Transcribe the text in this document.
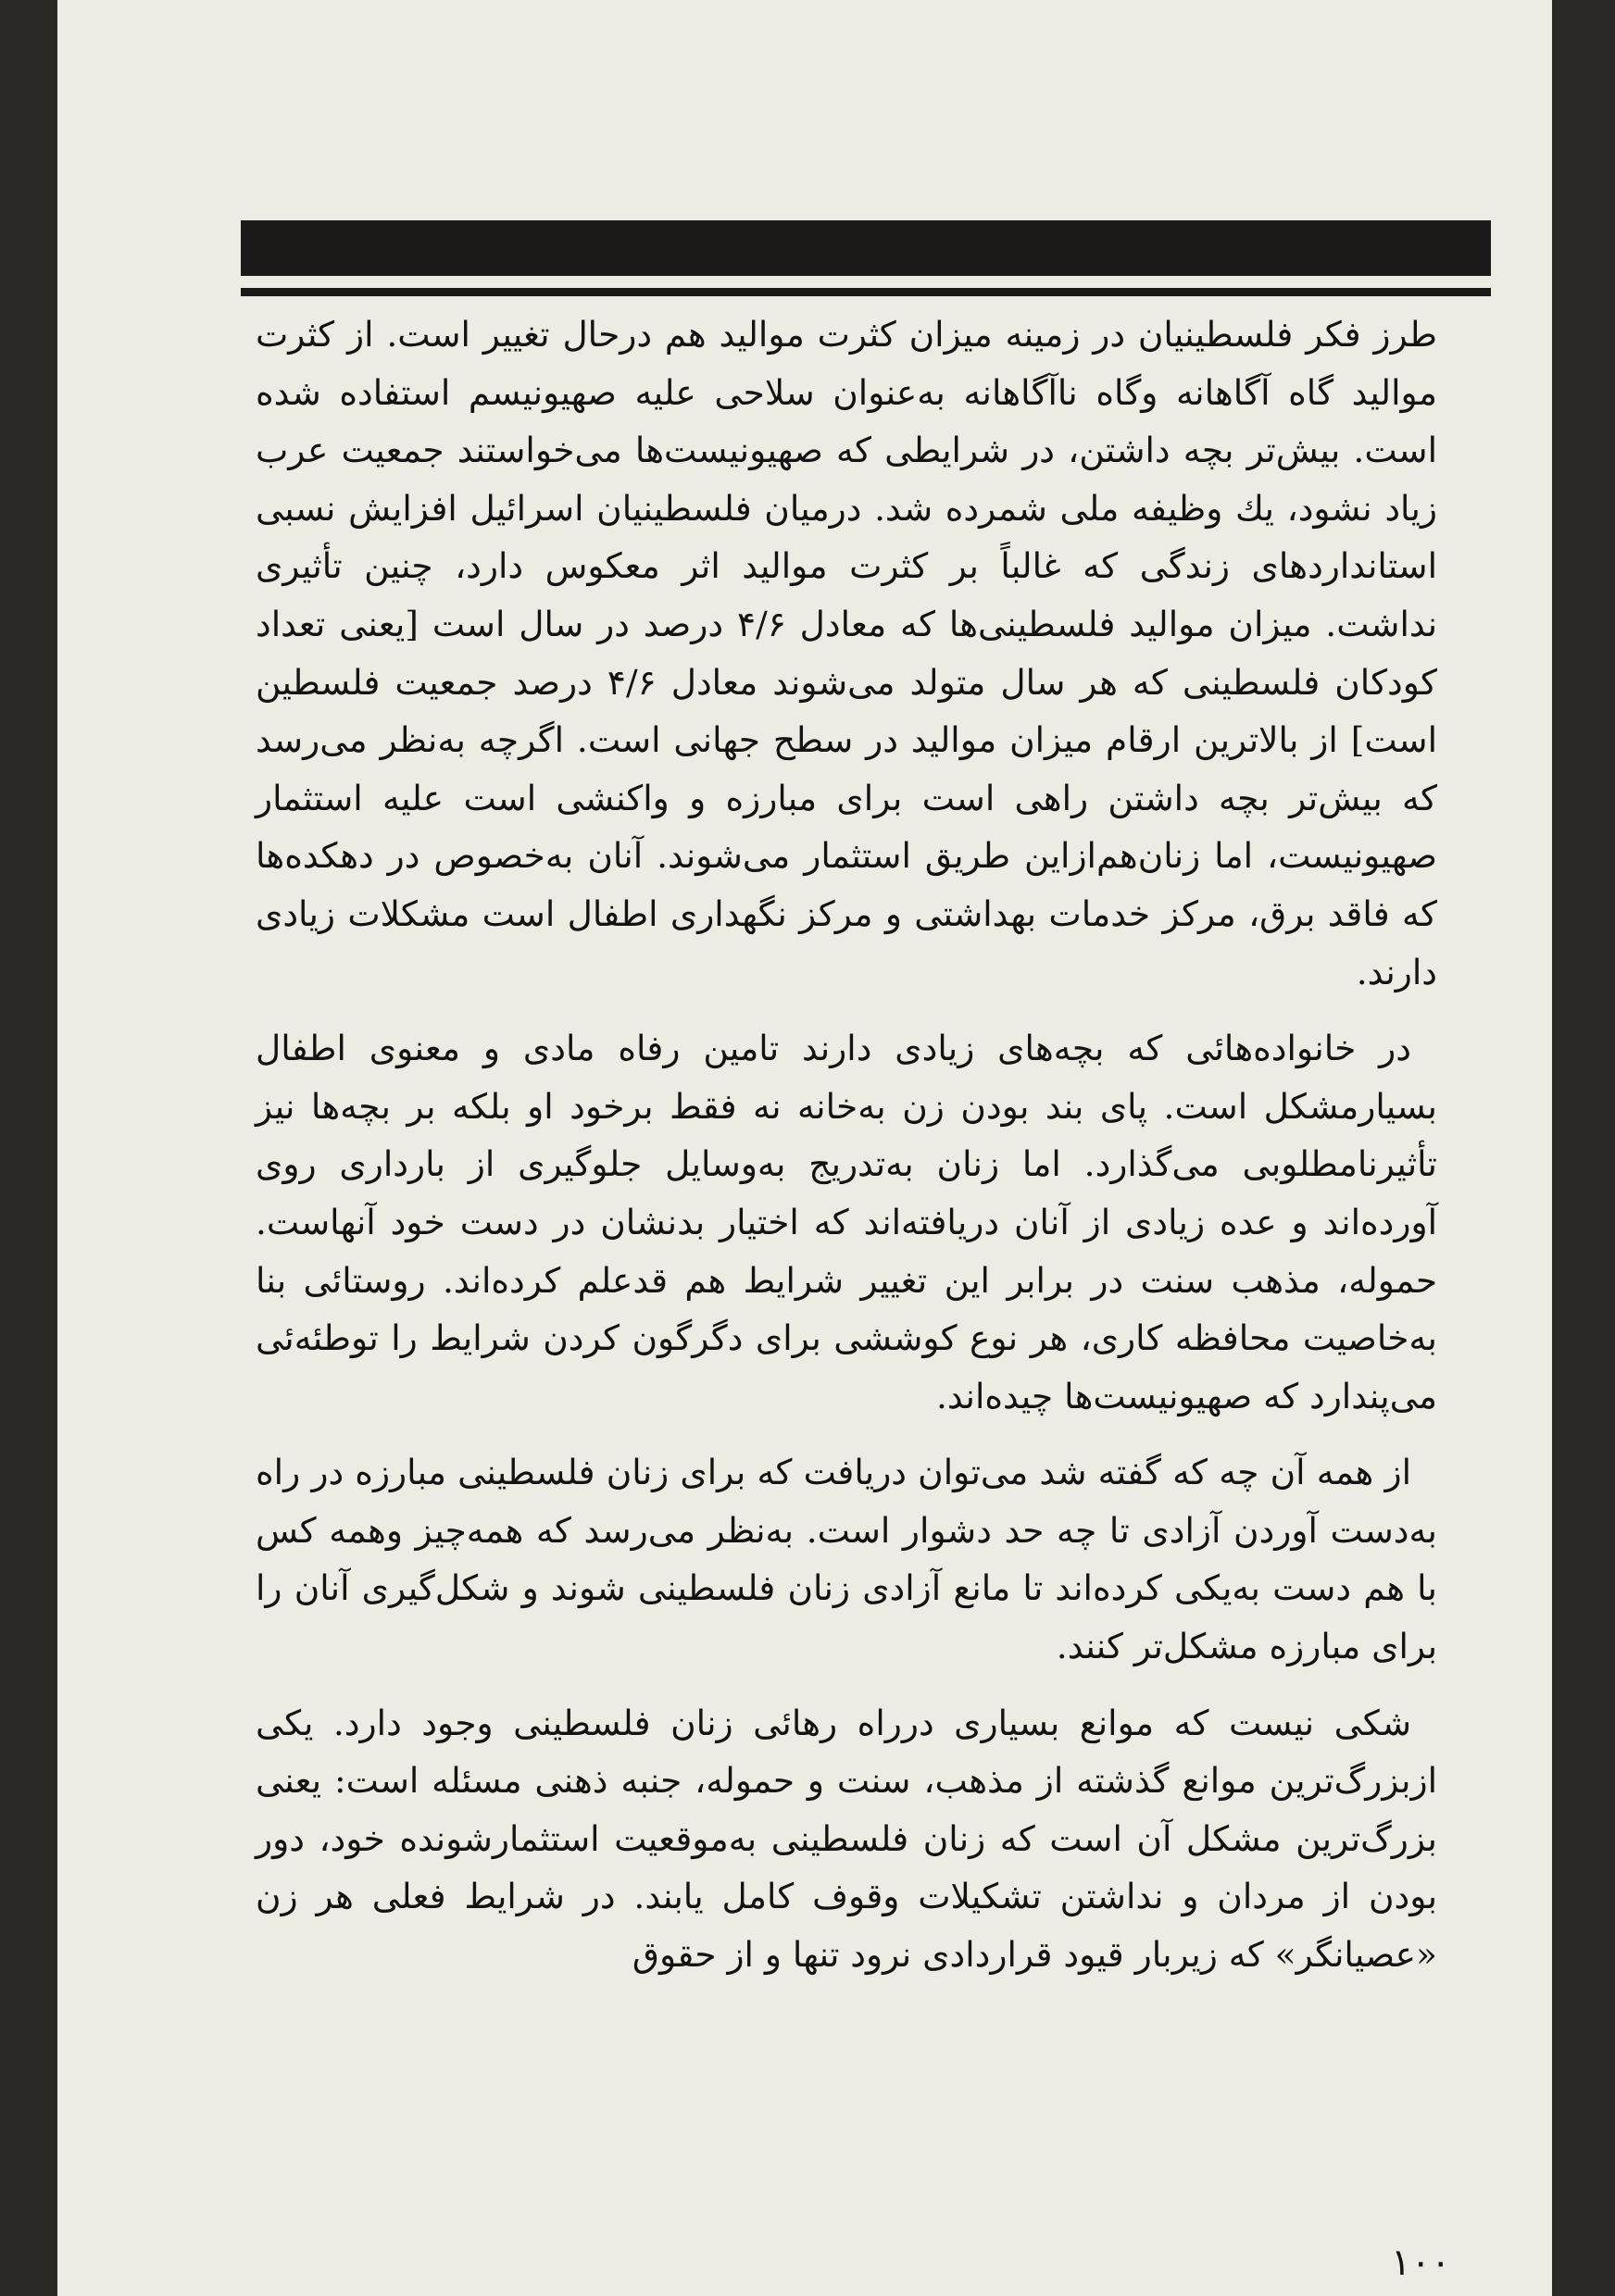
طرز فکر فلسطینیان در زمینه میزان کثرت موالید هم درحال تغییر است. از کثرت موالید گاه آگاهانه وگاه ناآگاهانه به‌عنوان سلاحی علیه صهیونیسم استفاده شده است. بیش‌تر بچه داشتن، در شرایطی که صهیونیست‌ها می‌خواستند جمعیت عرب زیاد نشود، یك وظیفه ملی شمرده شد. درمیان فلسطینیان اسرائیل افزایش نسبی استانداردهای زندگی که غالباً بر کثرت موالید اثر معکوس دارد، چنین تأثیری نداشت. میزان موالید فلسطینی‌ها که معادل ۴/۶ درصد در سال است [یعنی تعداد کودکان فلسطینی که هر سال متولد می‌شوند معادل ۴/۶ درصد جمعیت فلسطین است] از بالاترین ارقام میزان موالید در سطح جهانی است. اگرچه به‌نظر می‌رسد که بیش‌تر بچه داشتن راهی است برای مبارزه و واکنشی است علیه استثمار صهیونیست، اما زنان‌هم‌ازاین طریق استثمار می‌شوند. آنان به‌خصوص در دهکده‌ها که فاقد برق، مرکز خدمات بهداشتی و مرکز نگهداری اطفال است مشکلات زیادی دارند.

در خانواده‌هائی که بچه‌های زیادی دارند تامین رفاه مادی و معنوی اطفال بسیارمشکل است. پای بند بودن زن به‌خانه نه فقط برخود او بلکه بر بچه‌ها نیز تأثیرنامطلوبی می‌گذارد. اما زنان به‌تدریج به‌وسایل جلوگیری از بارداری روی آورده‌اند و عده زیادی از آنان دریافته‌اند که اختیار بدنشان در دست خود آنهاست. حموله، مذهب سنت در برابر این تغییر شرایط هم قدعلم کرده‌اند. روستائی بنا به‌خاصیت محافظه کاری، هر نوع کوششی برای دگرگون کردن شرایط را توطئه‌ئی می‌پندارد که صهیونیست‌ها چیده‌اند.

از همه آن چه که گفته شد می‌توان دریافت که برای زنان فلسطینی مبارزه در راه به‌دست آوردن آزادی تا چه حد دشوار است. به‌نظر می‌رسد که همه‌چیز وهمه کس با هم دست به‌یکی کرده‌اند تا مانع آزادی زنان فلسطینی شوند و شکل‌گیری آنان را برای مبارزه مشکل‌تر کنند.

شکی نیست که موانع بسیاری درراه رهائی زنان فلسطینی وجود دارد. یکی ازبزرگ‌ترین موانع گذشته از مذهب، سنت و حموله، جنبه ذهنی مسئله است: یعنی بزرگ‌ترین مشکل آن است که زنان فلسطینی به‌موقعیت استثمارشونده خود، دور بودن از مردان و نداشتن تشکیلات وقوف کامل یابند. در شرایط فعلی هر زن «عصیانگر» که زیربار قیود قراردادی نرود تنها و از حقوق

۱۰۰
